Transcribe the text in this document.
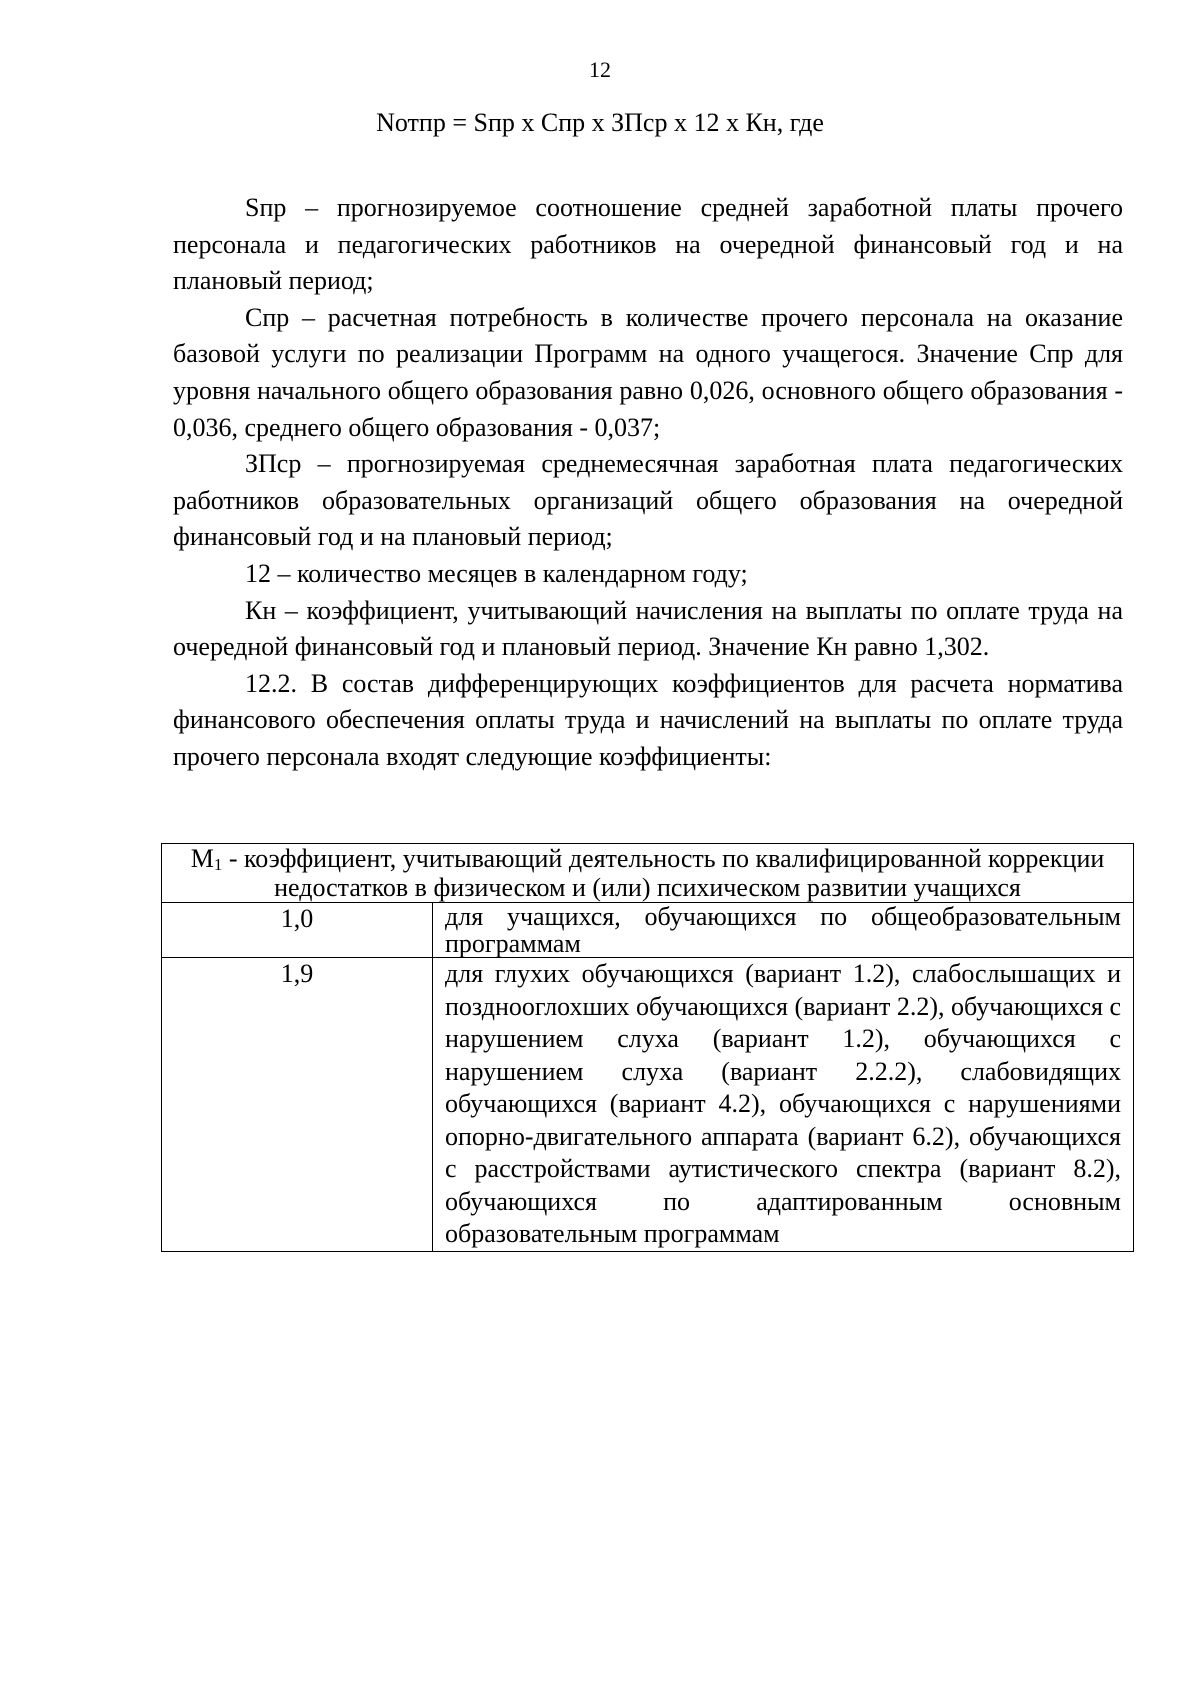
12
Nотпр = Sпр x Спр x ЗПср x 12 x Кн, где

Sпр – прогнозируемое соотношение средней заработной платы прочего персонала и педагогических работников на очередной финансовый год и на плановый период;

Спр – расчетная потребность в количестве прочего персонала на оказание базовой услуги по реализации Программ на одного учащегося. Значение Спр для уровня начального общего образования равно 0,026, основного общего образования - 0,036, среднего общего образования - 0,037;

ЗПср – прогнозируемая среднемесячная заработная плата педагогических работников образовательных организаций общего образования на очередной финансовый год и на плановый период;

12 – количество месяцев в календарном году;

Кн – коэффициент, учитывающий начисления на выплаты по оплате труда на очередной финансовый год и плановый период. Значение Кн равно 1,302.

12.2. В состав дифференцирующих коэффициентов для расчета норматива финансового обеспечения оплаты труда и начислений на выплаты по оплате труда прочего персонала входят следующие коэффициенты:

M1 - коэффициент, учитывающий деятельность по квалифицированной коррекции недостатков в физическом и (или) психическом развитии учащихся	
1,0	для учащихся, обучающихся по общеобразовательным программам
1,9	для глухих обучающихся (вариант 1.2), слабослышащих и позднооглохших обучающихся (вариант 2.2), обучающихся с нарушением слуха (вариант 1.2), обучающихся с нарушением слуха (вариант 2.2.2), слабовидящих обучающихся (вариант 4.2), обучающихся с нарушениями опорно-двигательного аппарата (вариант 6.2), обучающихся с расстройствами аутистического спектра (вариант 8.2), обучающихся по адаптированным основным образовательным программам
